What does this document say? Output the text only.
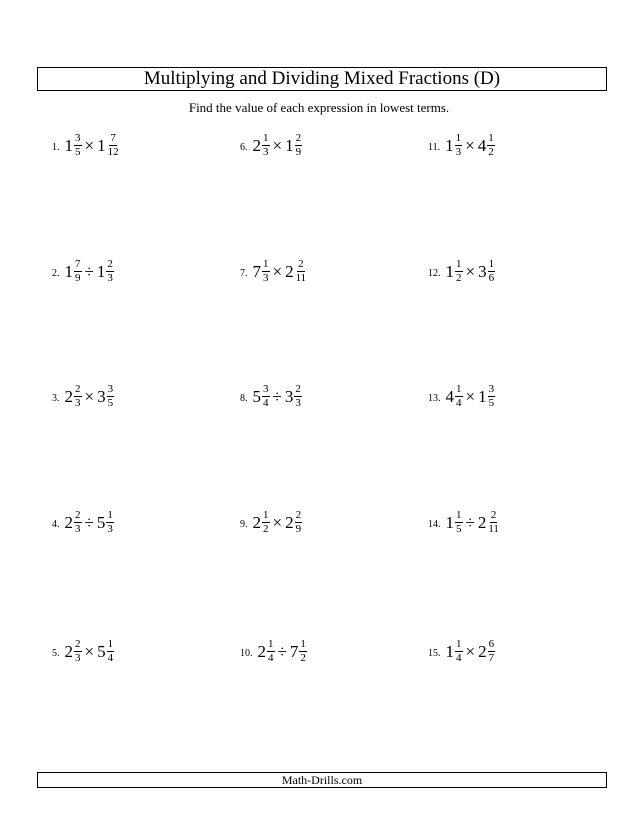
Multiplying and Dividing Mixed Fractions (D)
Find the value of each expression in lowest terms.
1. $1 \frac{3}{5} \times 1 \frac{7}{12}$
2. $1 \frac{7}{9} \div 1 \frac{2}{3}$
3. $2 \frac{2}{3} \times 3 \frac{3}{5}$
4. $2 \frac{2}{3} \div 5 \frac{1}{3}$
5. $2 \frac{2}{3} \times 5 \frac{1}{4}$
6. $2 \frac{1}{3} \times 1 \frac{2}{9}$
7. $7 \frac{1}{3} \times 2 \frac{2}{11}$
8. $5 \frac{3}{4} \div 3 \frac{2}{3}$
9. $2 \frac{1}{2} \times 2 \frac{2}{9}$
10. $2 \frac{1}{4} \div 7 \frac{1}{2}$
11. $1 \frac{1}{3} \times 4 \frac{1}{2}$
12. $1 \frac{1}{2} \times 3 \frac{1}{6}$
13. $4 \frac{1}{4} \times 1 \frac{3}{5}$
14. $1 \frac{1}{5} \div 2 \frac{2}{11}$
15. $1 \frac{1}{4} \times 2 \frac{6}{7}$
Math-Drills.com
